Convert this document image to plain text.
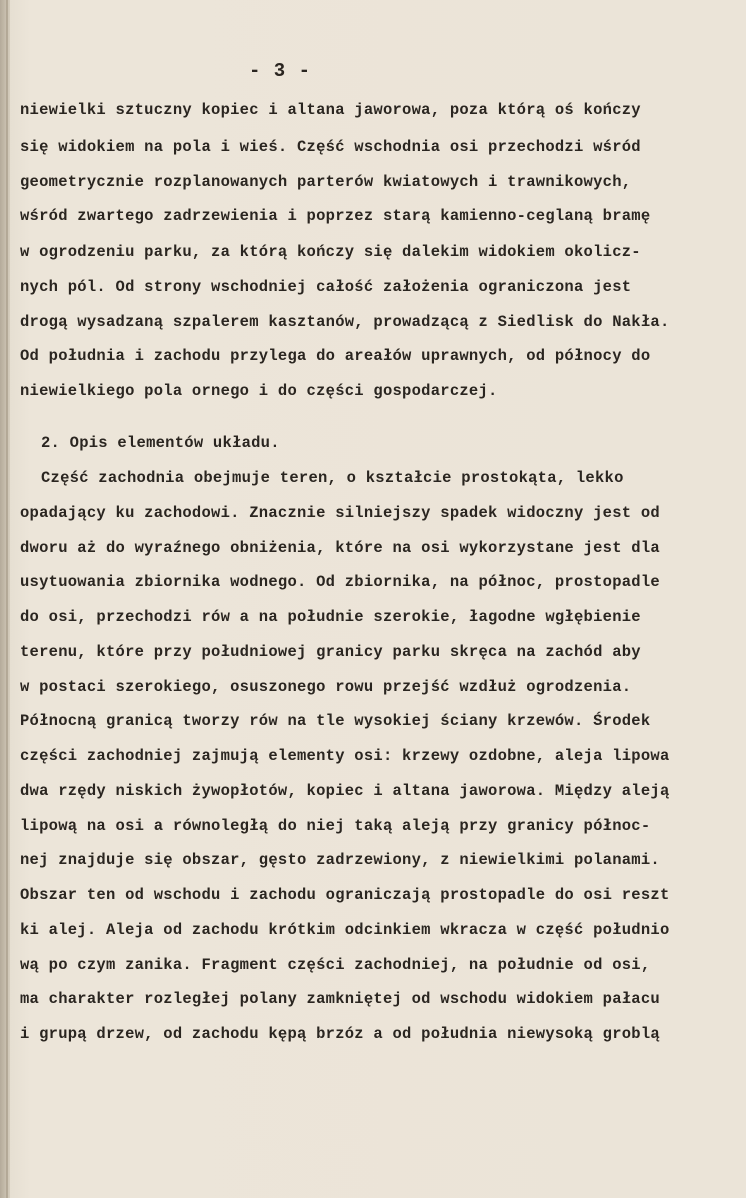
- 3 -
niewielki sztuczny kopiec i altana jaworowa, poza którą oś kończy
się widokiem na pola i wieś. Część wschodnia osi przechodzi wśród
geometrycznie rozplanowanych parterów kwiatowych i trawnikowych,
wśród zwartego zadrzewienia i poprzez starą kamienno-ceglaną bramę
w ogrodzeniu parku, za którą kończy się dalekim widokiem okolicz-
nych pól. Od strony wschodniej całość założenia ograniczona jest
drogą wysadzaną szpalerem kasztanów, prowadzącą z Siedlisk do Nakła.
Od południa i zachodu przylega do areałów uprawnych, od północy do
niewielkiego pola ornego i do części gospodarczej.
2. Opis elementów układu.
Część zachodnia obejmuje teren, o kształcie prostokąta, lekko
opadający ku zachodowi. Znacznie silniejszy spadek widoczny jest od
dworu aż do wyraźnego obniżenia, które na osi wykorzystane jest dla
usytuowania zbiornika wodnego. Od zbiornika, na północ, prostopadle
do osi, przechodzi rów a na południe szerokie, łagodne wgłębienie
terenu, które przy południowej granicy parku skręca na zachód aby
w postaci szerokiego, osuszonego rowu przejść wzdłuż ogrodzenia.
Północną granicą tworzy rów na tle wysokiej ściany krzewów. Środek
części zachodniej zajmują elementy osi: krzewy ozdobne, aleja lipowa
dwa rzędy niskich żywopłotów, kopiec i altana jaworowa. Między aleją
lipową na osi a równoległą do niej taką aleją przy granicy północ-
nej znajduje się obszar, gęsto zadrzewiony, z niewielkimi polanami.
Obszar ten od wschodu i zachodu ograniczają prostopadle do osi reszt
ki alej. Aleja od zachodu krótkim odcinkiem wkracza w część południo
wą po czym zanika. Fragment części zachodniej, na południe od osi,
ma charakter rozległej polany zamkniętej od wschodu widokiem pałacu
i grupą drzew, od zachodu kępą brzóz a od południa niewysoką groblą
